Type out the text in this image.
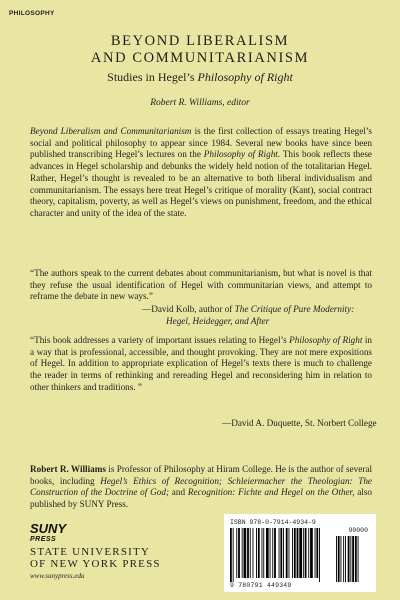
PHILOSOPHY
BEYOND LIBERALISM
AND COMMUNITARIANISM
Studies in Hegel’s Philosophy of Right
Robert R. Williams, editor

Beyond Liberalism and Communitarianism is the first collection of essays treating Hegel’s social and political philosophy to appear since 1984. Several new books have since been published transcribing Hegel’s lectures on the Philosophy of Right. This book reflects these advances in Hegel scholarship and debunks the widely held notion of the totalitarian Hegel. Rather, Hegel’s thought is revealed to be an alternative to both liberal individualism and communitarianism. The essays here treat Hegel’s critique of morality (Kant), social contract theory, capitalism, poverty, as well as Hegel’s views on punishment, freedom, and the ethical character and unity of the idea of the state.

“The authors speak to the current debates about communitarianism, but what is novel is that they refuse the usual identification of Hegel with communitarian views, and attempt to reframe the debate in new ways.”

—David Kolb, author of The Critique of Pure Modernity:
Hegel, Heidegger, and After

“This book addresses a variety of important issues relating to Hegel’s Philosophy of Right in a way that is professional, accessible, and thought provoking. They are not mere expositions of Hegel. In addition to appropriate explication of Hegel’s texts there is much to challenge the reader in terms of rethinking and rereading Hegel and reconsidering him in relation to other thinkers and traditions. ”

—David A. Duquette, St. Norbert College

Robert R. Williams is Professor of Philosophy at Hiram College. He is the author of several books, including Hegel’s Ethics of Recognition; Schleiermacher the Theologian: The Construction of the Doctrine of God; and Recognition: Fichte and Hegel on the Other, also published by SUNY Press.

SUNY
PRESS
STATE UNIVERSITY
OF NEW YORK PRESS
www.sunypress.edu
ISBN 978-0-7914-4934-9
90000
9 780791 449349
